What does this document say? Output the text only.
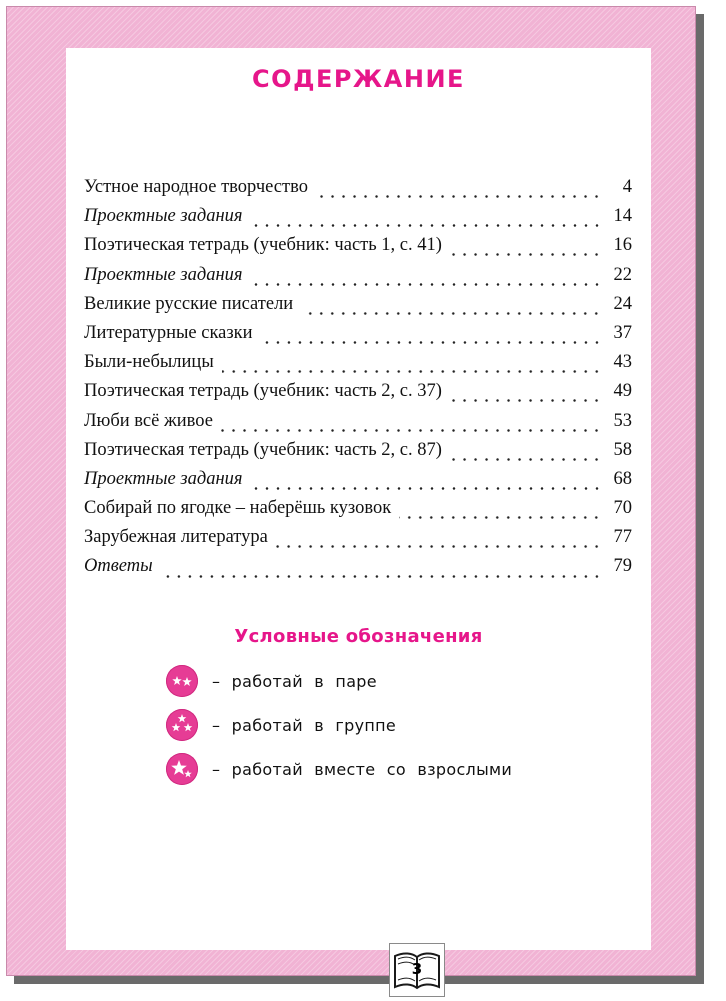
СОДЕРЖАНИЕ
Устное народное творчество	4
Проектные задания	14
Поэтическая тетрадь (учебник: часть 1, с. 41)	16
Проектные задания	22
Великие русские писатели	24
Литературные сказки	37
Были-небылицы	43
Поэтическая тетрадь (учебник: часть 2, с. 37)	49
Люби всё живое	53
Поэтическая тетрадь (учебник: часть 2, с. 87)	58
Проектные задания	68
Собирай по ягодке – наберёшь кузовок	70
Зарубежная литература	77
Ответы	79
Условные обозначения
– работай в паре
– работай в группе
– работай вместе со взрослыми
3
